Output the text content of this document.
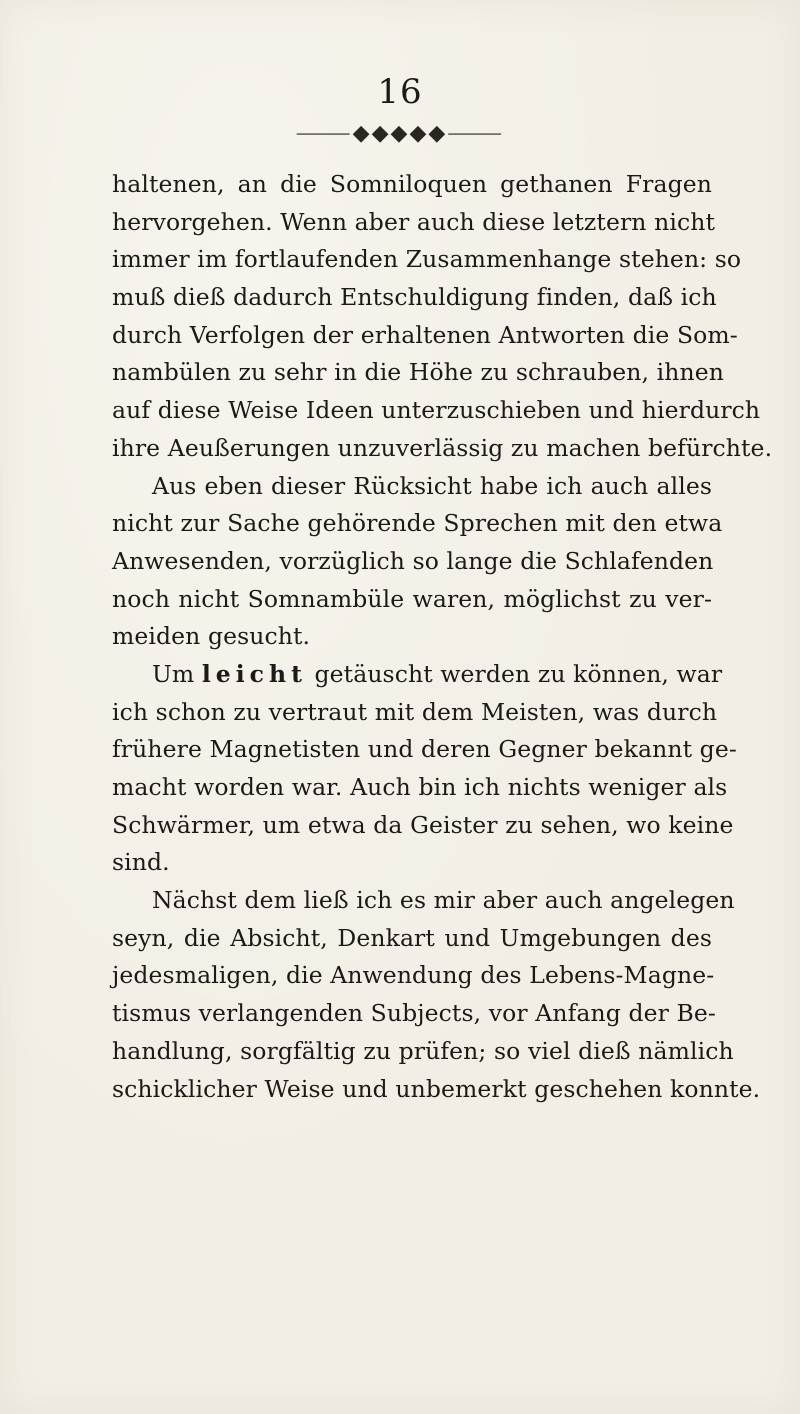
16
⸻◆◆◆◆◆⸻
haltenen, an die Somniloquen gethanen Fragen
hervorgehen. Wenn aber auch diese letztern nicht
immer im fortlaufenden Zusammenhange stehen: so
muß dieß dadurch Entschuldigung finden, daß ich
durch Verfolgen der erhaltenen Antworten die Som-
nambülen zu sehr in die Höhe zu schrauben, ihnen
auf diese Weise Ideen unterzuschieben und hierdurch
ihre Aeußerungen unzuverlässig zu machen befürchte.
Aus eben dieser Rücksicht habe ich auch alles
nicht zur Sache gehörende Sprechen mit den etwa
Anwesenden, vorzüglich so lange die Schlafenden
noch nicht Somnambüle waren, möglichst zu ver-
meiden gesucht.
Um leicht getäuscht werden zu können, war
ich schon zu vertraut mit dem Meisten, was durch
frühere Magnetisten und deren Gegner bekannt ge-
macht worden war. Auch bin ich nichts weniger als
Schwärmer, um etwa da Geister zu sehen, wo keine
sind.
Nächst dem ließ ich es mir aber auch angelegen
seyn, die Absicht, Denkart und Umgebungen des
jedesmaligen, die Anwendung des Lebens-Magne-
tismus verlangenden Subjects, vor Anfang der Be-
handlung, sorgfältig zu prüfen; so viel dieß nämlich
schicklicher Weise und unbemerkt geschehen konnte.
